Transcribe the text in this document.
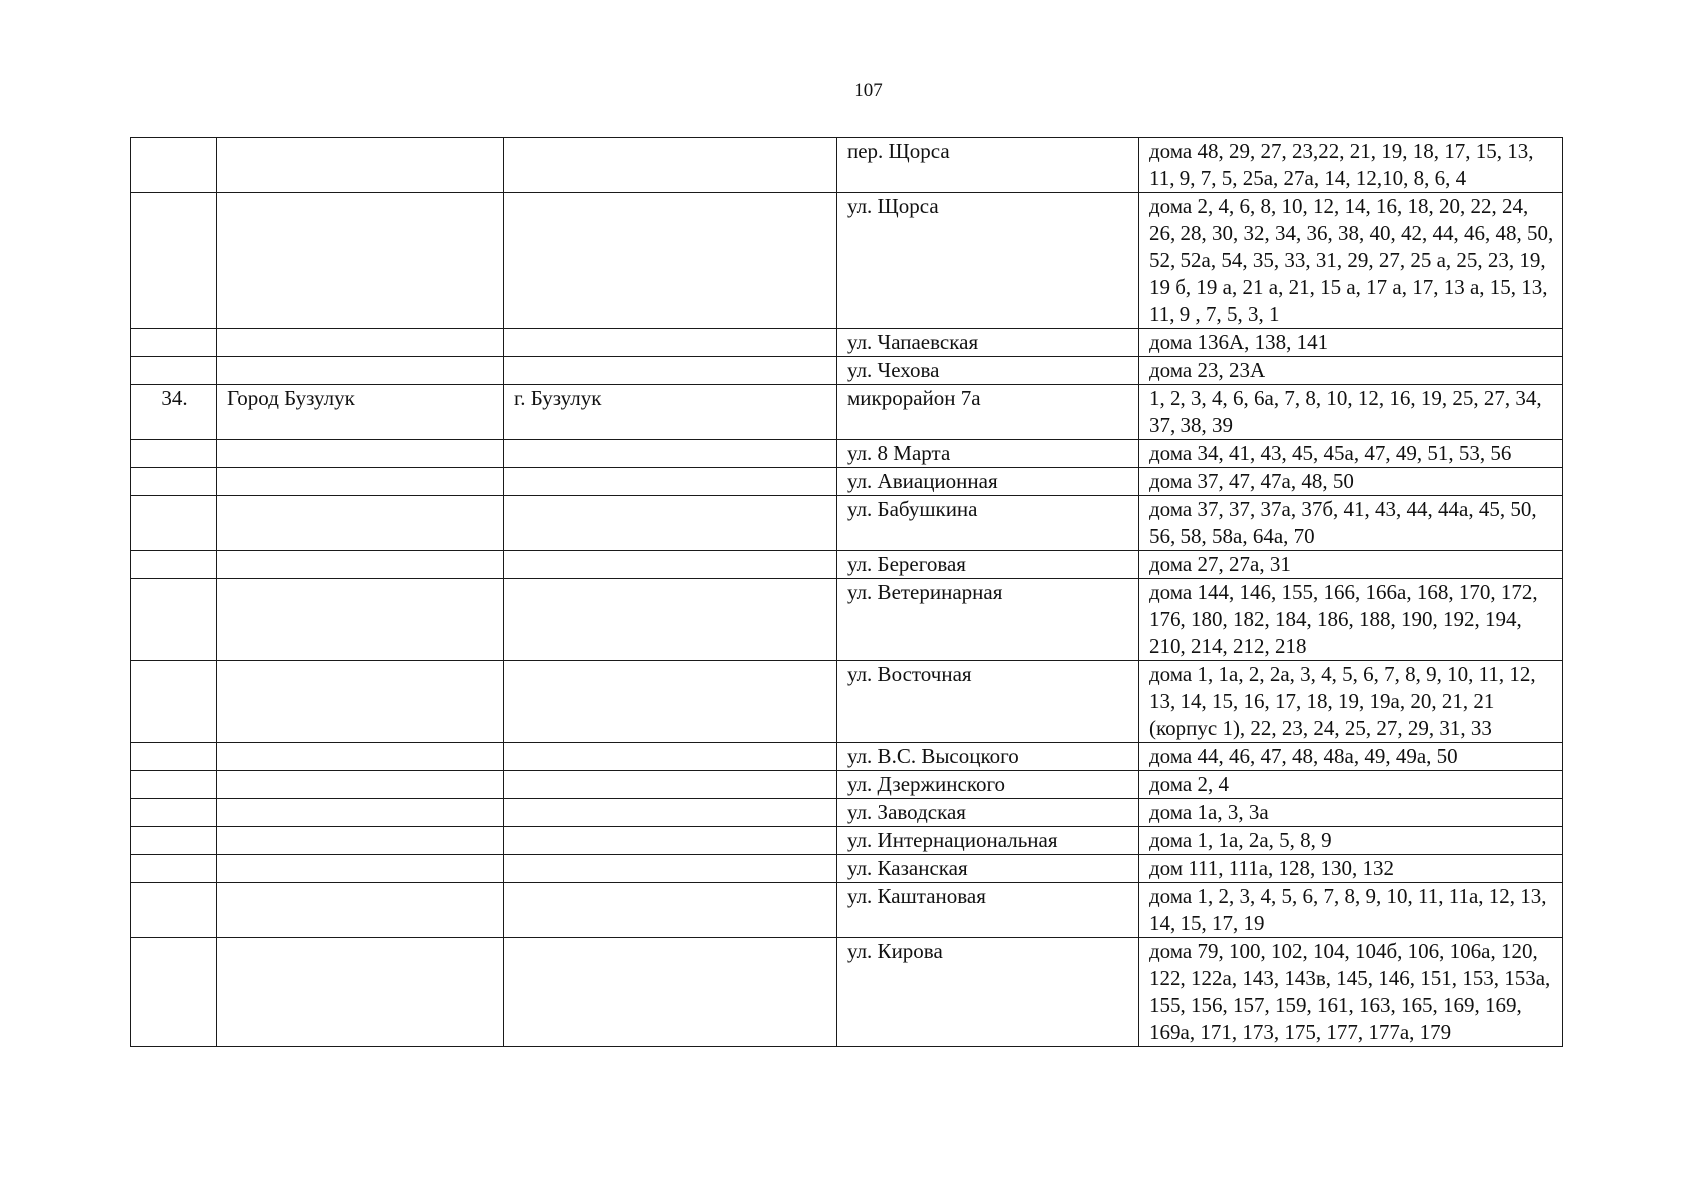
107
			пер. Щорса	дома 48, 29, 27, 23,22, 21, 19, 18, 17, 15, 13, 11, 9, 7, 5, 25а, 27а, 14, 12,10, 8, 6, 4
			ул. Щорса	дома 2, 4, 6, 8, 10, 12, 14, 16, 18, 20, 22, 24, 26, 28, 30, 32, 34, 36, 38, 40, 42, 44, 46, 48, 50, 52, 52а, 54, 35, 33, 31, 29, 27, 25 а, 25, 23, 19, 19 б, 19 а, 21 а, 21, 15 а, 17 а, 17, 13 а, 15, 13, 11, 9 , 7, 5, 3, 1
			ул. Чапаевская	дома 136А, 138, 141
			ул. Чехова	дома 23, 23А
34.	Город Бузулук	г. Бузулук	микрорайон 7а	1, 2, 3, 4, 6, 6а, 7, 8, 10, 12, 16, 19, 25, 27, 34, 37, 38, 39
			ул. 8 Марта	дома 34, 41, 43, 45, 45а, 47, 49, 51, 53, 56
			ул. Авиационная	дома 37, 47, 47а, 48, 50
			ул. Бабушкина	дома 37, 37, 37а, 37б, 41, 43, 44, 44а, 45, 50, 56, 58, 58а, 64а, 70
			ул. Береговая	дома 27, 27а, 31
			ул. Ветеринарная	дома 144, 146, 155, 166, 166а, 168, 170, 172, 176, 180, 182, 184, 186, 188, 190, 192, 194, 210, 214, 212, 218
			ул. Восточная	дома 1, 1а, 2, 2а, 3, 4, 5, 6, 7, 8, 9, 10, 11, 12, 13, 14, 15, 16, 17, 18, 19, 19а, 20, 21, 21 (корпус 1), 22, 23, 24, 25, 27, 29, 31, 33
			ул. В.С. Высоцкого	дома 44, 46, 47, 48, 48а, 49, 49а, 50
			ул. Дзержинского	дома 2, 4
			ул. Заводская	дома 1а, 3, 3а
			ул. Интернациональная	дома 1, 1а, 2а, 5, 8, 9
			ул. Казанская	дом 111, 111а, 128, 130, 132
			ул. Каштановая	дома 1, 2, 3, 4, 5, 6, 7, 8, 9, 10, 11, 11а, 12, 13, 14, 15, 17, 19
			ул. Кирова	дома 79, 100, 102, 104, 104б, 106, 106а, 120, 122, 122а, 143, 143в, 145, 146, 151, 153, 153а, 155, 156, 157, 159, 161, 163, 165, 169, 169, 169а, 171, 173, 175, 177, 177а, 179
